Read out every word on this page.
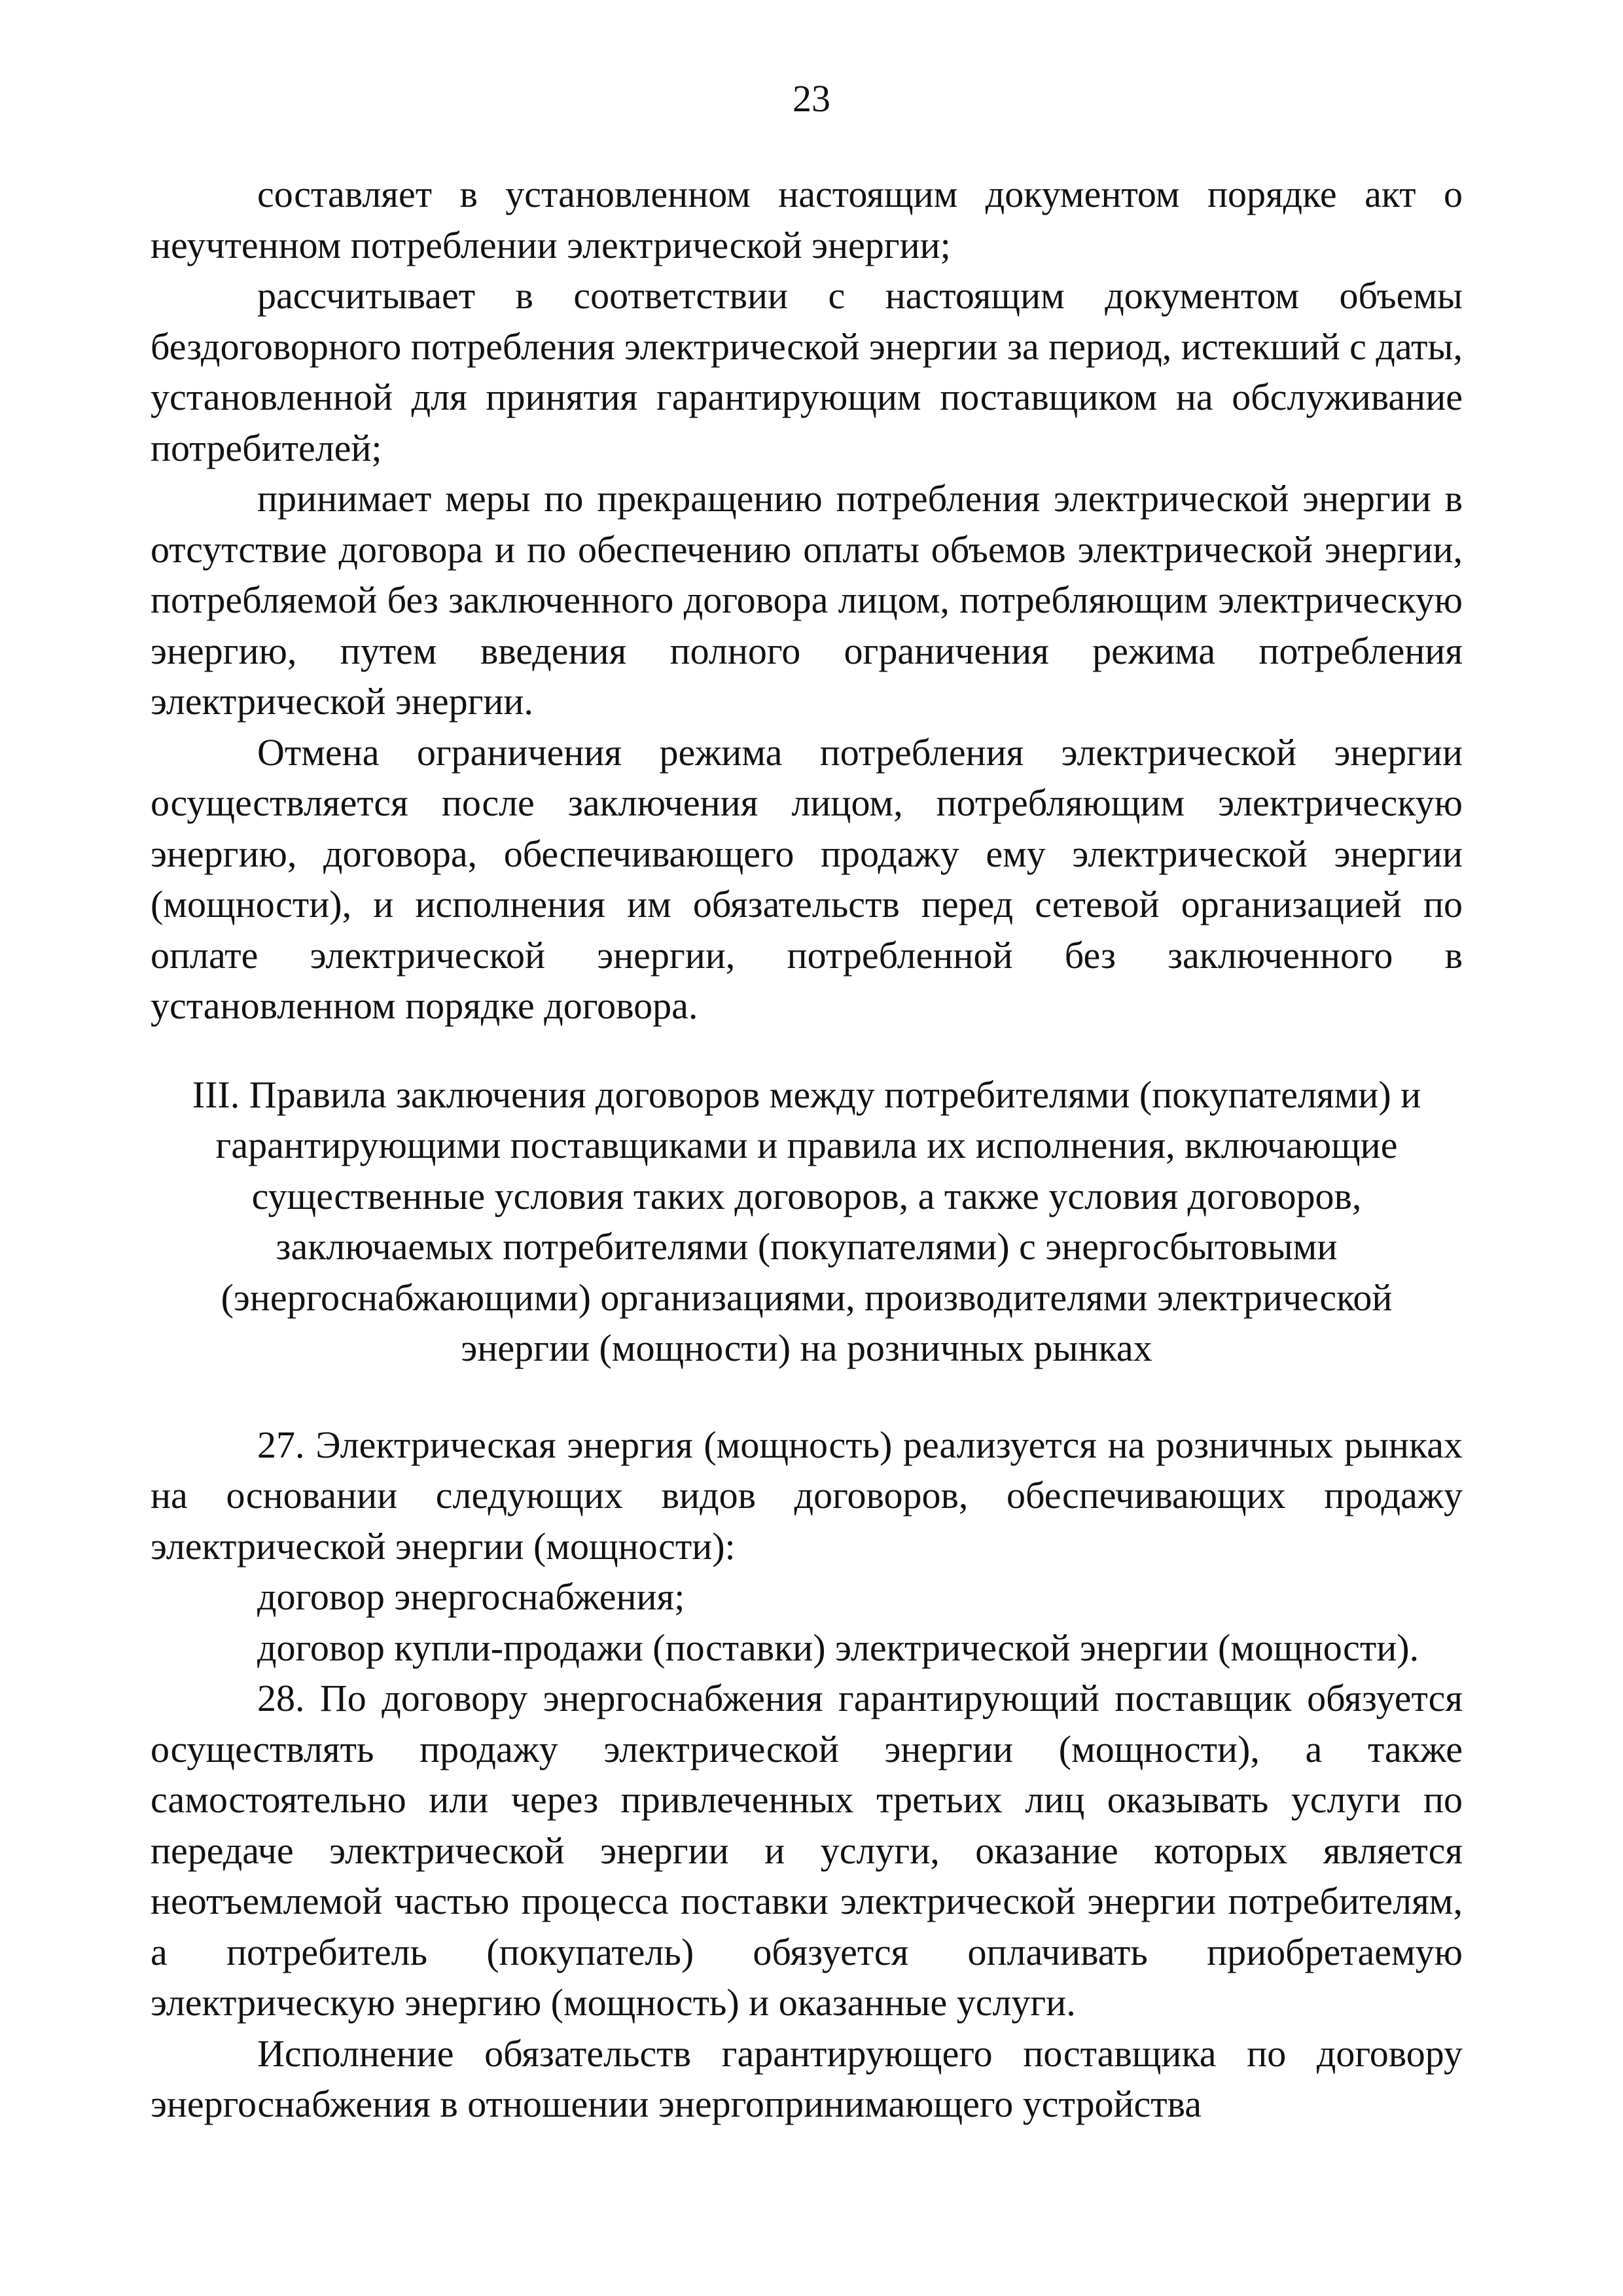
23

составляет в установленном настоящим документом порядке акт о неучтенном потреблении электрической энергии;

рассчитывает в соответствии с настоящим документом объемы бездоговорного потребления электрической энергии за период, истекший с даты, установленной для принятия гарантирующим поставщиком на обслуживание потребителей;

принимает меры по прекращению потребления электрической энергии в отсутствие договора и по обеспечению оплаты объемов электрической энергии, потребляемой без заключенного договора лицом, потребляющим электрическую энергию, путем введения полного ограничения режима потребления электрической энергии.

Отмена ограничения режима потребления электрической энергии осуществляется после заключения лицом, потребляющим электрическую энергию, договора, обеспечивающего продажу ему электрической энергии (мощности), и исполнения им обязательств перед сетевой организацией по оплате электрической энергии, потребленной без заключенного в установленном порядке договора.

III. Правила заключения договоров между потребителями (покупателями) и гарантирующими поставщиками и правила их исполнения, включающие существенные условия таких договоров, а также условия договоров, заключаемых потребителями (покупателями) с энергосбытовыми (энергоснабжающими) организациями, производителями электрической энергии (мощности) на розничных рынках

27. Электрическая энергия (мощность) реализуется на розничных рынках на основании следующих видов договоров, обеспечивающих продажу электрической энергии (мощности):

договор энергоснабжения;

договор купли-продажи (поставки) электрической энергии (мощности).

28. По договору энергоснабжения гарантирующий поставщик обязуется осуществлять продажу электрической энергии (мощности), а также самостоятельно или через привлеченных третьих лиц оказывать услуги по передаче электрической энергии и услуги, оказание которых является неотъемлемой частью процесса поставки электрической энергии потребителям, а потребитель (покупатель) обязуется оплачивать приобретаемую электрическую энергию (мощность) и оказанные услуги.

Исполнение обязательств гарантирующего поставщика по договору энергоснабжения в отношении энергопринимающего устройства
